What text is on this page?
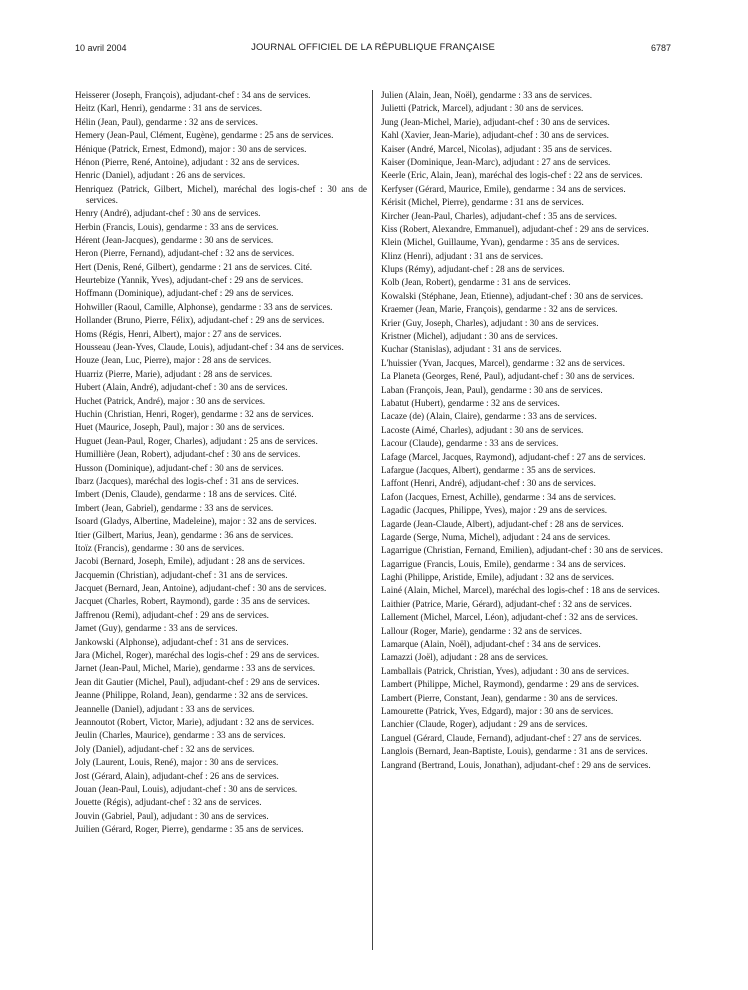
10 avril 2004	JOURNAL OFFICIEL DE LA RÉPUBLIQUE FRANÇAISE	6787

Heisserer (Joseph, François), adjudant-chef : 34 ans de services.

Heitz (Karl, Henri), gendarme : 31 ans de services.

Hélin (Jean, Paul), gendarme : 32 ans de services.

Hemery (Jean-Paul, Clément, Eugène), gendarme : 25 ans de services.

Hénique (Patrick, Ernest, Edmond), major : 30 ans de services.

Hénon (Pierre, René, Antoine), adjudant : 32 ans de services.

Henric (Daniel), adjudant : 26 ans de services.

Henriquez (Patrick, Gilbert, Michel), maréchal des logis-chef : 30 ans de services.

Henry (André), adjudant-chef : 30 ans de services.

Herbin (Francis, Louis), gendarme : 33 ans de services.

Hérent (Jean-Jacques), gendarme : 30 ans de services.

Heron (Pierre, Fernand), adjudant-chef : 32 ans de services.

Hert (Denis, René, Gilbert), gendarme : 21 ans de services. Cité.

Heurtebize (Yannik, Yves), adjudant-chef : 29 ans de services.

Hoffmann (Dominique), adjudant-chef : 29 ans de services.

Hohwiller (Raoul, Camille, Alphonse), gendarme : 33 ans de services.

Hollander (Bruno, Pierre, Félix), adjudant-chef : 29 ans de services.

Homs (Régis, Henri, Albert), major : 27 ans de services.

Housseau (Jean-Yves, Claude, Louis), adjudant-chef : 34 ans de services.

Houze (Jean, Luc, Pierre), major : 28 ans de services.

Huarriz (Pierre, Marie), adjudant : 28 ans de services.

Hubert (Alain, André), adjudant-chef : 30 ans de services.

Huchet (Patrick, André), major : 30 ans de services.

Huchin (Christian, Henri, Roger), gendarme : 32 ans de services.

Huet (Maurice, Joseph, Paul), major : 30 ans de services.

Huguet (Jean-Paul, Roger, Charles), adjudant : 25 ans de services.

Humillière (Jean, Robert), adjudant-chef : 30 ans de services.

Husson (Dominique), adjudant-chef : 30 ans de services.

Ibarz (Jacques), maréchal des logis-chef : 31 ans de services.

Imbert (Denis, Claude), gendarme : 18 ans de services. Cité.

Imbert (Jean, Gabriel), gendarme : 33 ans de services.

Isoard (Gladys, Albertine, Madeleine), major : 32 ans de services.

Itier (Gilbert, Marius, Jean), gendarme : 36 ans de services.

Itoïz (Francis), gendarme : 30 ans de services.

Jacobi (Bernard, Joseph, Emile), adjudant : 28 ans de services.

Jacquemin (Christian), adjudant-chef : 31 ans de services.

Jacquet (Bernard, Jean, Antoine), adjudant-chef : 30 ans de services.

Jacquet (Charles, Robert, Raymond), garde : 35 ans de services.

Jaffrenou (Remi), adjudant-chef : 29 ans de services.

Jamet (Guy), gendarme : 33 ans de services.

Jankowski (Alphonse), adjudant-chef : 31 ans de services.

Jara (Michel, Roger), maréchal des logis-chef : 29 ans de services.

Jarnet (Jean-Paul, Michel, Marie), gendarme : 33 ans de services.

Jean dit Gautier (Michel, Paul), adjudant-chef : 29 ans de services.

Jeanne (Philippe, Roland, Jean), gendarme : 32 ans de services.

Jeannelle (Daniel), adjudant : 33 ans de services.

Jeannoutot (Robert, Victor, Marie), adjudant : 32 ans de services.

Jeulin (Charles, Maurice), gendarme : 33 ans de services.

Joly (Daniel), adjudant-chef : 32 ans de services.

Joly (Laurent, Louis, René), major : 30 ans de services.

Jost (Gérard, Alain), adjudant-chef : 26 ans de services.

Jouan (Jean-Paul, Louis), adjudant-chef : 30 ans de services.

Jouette (Régis), adjudant-chef : 32 ans de services.

Jouvin (Gabriel, Paul), adjudant : 30 ans de services.

Juilien (Gérard, Roger, Pierre), gendarme : 35 ans de services.

Julien (Alain, Jean, Noël), gendarme : 33 ans de services.

Julietti (Patrick, Marcel), adjudant : 30 ans de services.

Jung (Jean-Michel, Marie), adjudant-chef : 30 ans de services.

Kahl (Xavier, Jean-Marie), adjudant-chef : 30 ans de services.

Kaiser (André, Marcel, Nicolas), adjudant : 35 ans de services.

Kaiser (Dominique, Jean-Marc), adjudant : 27 ans de services.

Keerle (Eric, Alain, Jean), maréchal des logis-chef : 22 ans de services.

Kerfyser (Gérard, Maurice, Emile), gendarme : 34 ans de services.

Kérisit (Michel, Pierre), gendarme : 31 ans de services.

Kircher (Jean-Paul, Charles), adjudant-chef : 35 ans de services.

Kiss (Robert, Alexandre, Emmanuel), adjudant-chef : 29 ans de services.

Klein (Michel, Guillaume, Yvan), gendarme : 35 ans de services.

Klinz (Henri), adjudant : 31 ans de services.

Klups (Rémy), adjudant-chef : 28 ans de services.

Kolb (Jean, Robert), gendarme : 31 ans de services.

Kowalski (Stéphane, Jean, Etienne), adjudant-chef : 30 ans de services.

Kraemer (Jean, Marie, François), gendarme : 32 ans de services.

Krier (Guy, Joseph, Charles), adjudant : 30 ans de services.

Kristner (Michel), adjudant : 30 ans de services.

Kuchar (Stanislas), adjudant : 31 ans de services.

L'huissier (Yvan, Jacques, Marcel), gendarme : 32 ans de services.

La Planeta (Georges, René, Paul), adjudant-chef : 30 ans de services.

Laban (François, Jean, Paul), gendarme : 30 ans de services.

Labatut (Hubert), gendarme : 32 ans de services.

Lacaze (de) (Alain, Claire), gendarme : 33 ans de services.

Lacoste (Aimé, Charles), adjudant : 30 ans de services.

Lacour (Claude), gendarme : 33 ans de services.

Lafage (Marcel, Jacques, Raymond), adjudant-chef : 27 ans de services.

Lafargue (Jacques, Albert), gendarme : 35 ans de services.

Laffont (Henri, André), adjudant-chef : 30 ans de services.

Lafon (Jacques, Ernest, Achille), gendarme : 34 ans de services.

Lagadic (Jacques, Philippe, Yves), major : 29 ans de services.

Lagarde (Jean-Claude, Albert), adjudant-chef : 28 ans de services.

Lagarde (Serge, Numa, Michel), adjudant : 24 ans de services.

Lagarrigue (Christian, Fernand, Emilien), adjudant-chef : 30 ans de services.

Lagarrigue (Francis, Louis, Emile), gendarme : 34 ans de services.

Laghi (Philippe, Aristide, Emile), adjudant : 32 ans de services.

Lainé (Alain, Michel, Marcel), maréchal des logis-chef : 18 ans de services.

Laithier (Patrice, Marie, Gérard), adjudant-chef : 32 ans de services.

Lallement (Michel, Marcel, Léon), adjudant-chef : 32 ans de services.

Lallour (Roger, Marie), gendarme : 32 ans de services.

Lamarque (Alain, Noël), adjudant-chef : 34 ans de services.

Lamazzi (Joël), adjudant : 28 ans de services.

Lamballais (Patrick, Christian, Yves), adjudant : 30 ans de services.

Lambert (Philippe, Michel, Raymond), gendarme : 29 ans de services.

Lambert (Pierre, Constant, Jean), gendarme : 30 ans de services.

Lamourette (Patrick, Yves, Edgard), major : 30 ans de services.

Lanchier (Claude, Roger), adjudant : 29 ans de services.

Languel (Gérard, Claude, Fernand), adjudant-chef : 27 ans de services.

Langlois (Bernard, Jean-Baptiste, Louis), gendarme : 31 ans de services.

Langrand (Bertrand, Louis, Jonathan), adjudant-chef : 29 ans de services.
